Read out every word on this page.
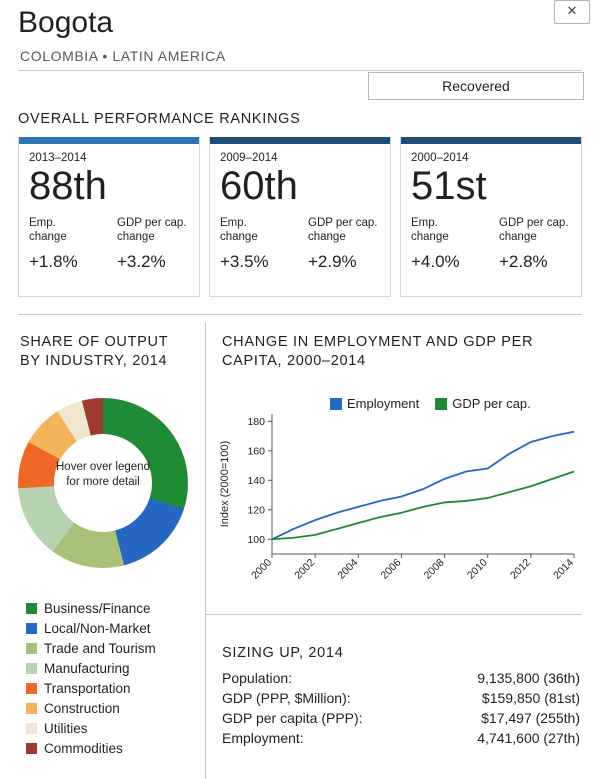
✕
Bogota
COLOMBIA • LATIN AMERICA
Recovered
OVERALL PERFORMANCE RANKINGS
2013–2014
88th
Emp.
change
+1.8%
GDP per cap.
change
+3.2%
2009–2014
60th
Emp.
change
+3.5%
GDP per cap.
change
+2.9%
2000–2014
51st
Emp.
change
+4.0%
GDP per cap.
change
+2.8%
SHARE OF OUTPUT
BY INDUSTRY, 2014
Hover over legend
for more detail
Business/Finance
Local/Non-Market
Trade and Tourism
Manufacturing
Transportation
Construction
Utilities
Commodities
CHANGE IN EMPLOYMENT AND GDP PER
CAPITA, 2000–2014
Employment	GDP per cap.
100
120
140
160
180
2000 2002 2004 2006 2008 2010 2012 2014
Index (2000=100)
SIZING UP, 2014
Population:	9,135,800 (36th)
GDP (PPP, $Million):	$159,850 (81st)
GDP per capita (PPP):	$17,497 (255th)
Employment:	4,741,600 (27th)
